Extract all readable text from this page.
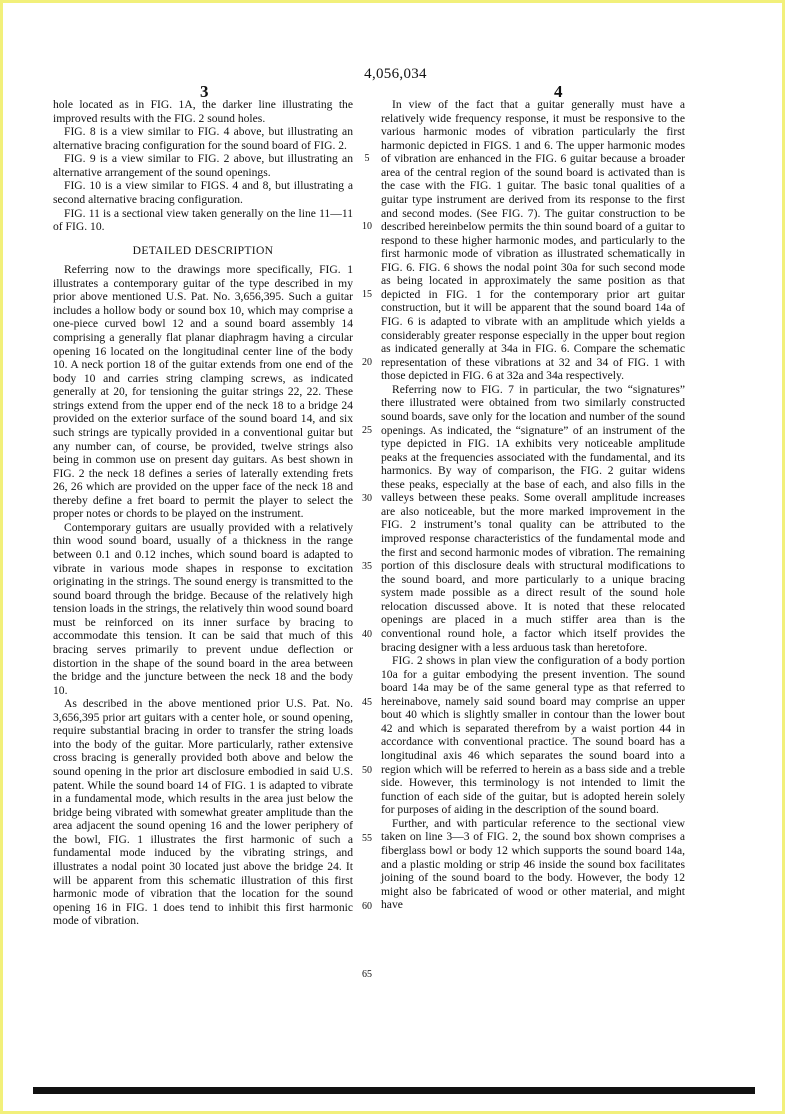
4,056,034
3	4

hole located as in FIG. 1A, the darker line illustrating the improved results with the FIG. 2 sound holes.

FIG. 8 is a view similar to FIG. 4 above, but illustrating an alternative bracing configuration for the sound board of FIG. 2.

FIG. 9 is a view similar to FIG. 2 above, but illustrating an alternative arrangement of the sound openings.

FIG. 10 is a view similar to FIGS. 4 and 8, but illustrating a second alternative bracing configuration.

FIG. 11 is a sectional view taken generally on the line 11—11 of FIG. 10.

DETAILED DESCRIPTION

Referring now to the drawings more specifically, FIG. 1 illustrates a contemporary guitar of the type described in my prior above mentioned U.S. Pat. No. 3,656,395. Such a guitar includes a hollow body or sound box 10, which may comprise a one-piece curved bowl 12 and a sound board assembly 14 comprising a generally flat planar diaphragm having a circular opening 16 located on the longitudinal center line of the body 10. A neck portion 18 of the guitar extends from one end of the body 10 and carries string clamping screws, as indicated generally at 20, for tensioning the guitar strings 22, 22. These strings extend from the upper end of the neck 18 to a bridge 24 provided on the exterior surface of the sound board 14, and six such strings are typically provided in a conventional guitar but any number can, of course, be provided, twelve strings also being in common use on present day guitars. As best shown in FIG. 2 the neck 18 defines a series of laterally extending frets 26, 26 which are provided on the upper face of the neck 18 and thereby define a fret board to permit the player to select the proper notes or chords to be played on the instrument.

Contemporary guitars are usually provided with a relatively thin wood sound board, usually of a thickness in the range between 0.1 and 0.12 inches, which sound board is adapted to vibrate in various mode shapes in response to excitation originating in the strings. The sound energy is transmitted to the sound board through the bridge. Because of the relatively high tension loads in the strings, the relatively thin wood sound board must be reinforced on its inner surface by bracing to accommodate this tension. It can be said that much of this bracing serves primarily to prevent undue deflection or distortion in the shape of the sound board in the area between the bridge and the juncture between the neck 18 and the body 10.

As described in the above mentioned prior U.S. Pat. No. 3,656,395 prior art guitars with a center hole, or sound opening, require substantial bracing in order to transfer the string loads into the body of the guitar. More particularly, rather extensive cross bracing is generally provided both above and below the sound opening in the prior art disclosure embodied in said U.S. patent. While the sound board 14 of FIG. 1 is adapted to vibrate in a fundamental mode, which results in the area just below the bridge being vibrated with somewhat greater amplitude than the area adjacent the sound opening 16 and the lower periphery of the bowl, FIG. 1 illustrates the first harmonic of such a fundamental mode induced by the vibrating strings, and illustrates a nodal point 30 located just above the bridge 24. It will be apparent from this schematic illustration of this first harmonic mode of vibration that the location for the sound opening 16 in FIG. 1 does tend to inhibit this first harmonic mode of vibration.

5
10
15
20
25
30
35
40
45
50
55
60
65

In view of the fact that a guitar generally must have a relatively wide frequency response, it must be responsive to the various harmonic modes of vibration particularly the first harmonic depicted in FIGS. 1 and 6. The upper harmonic modes of vibration are enhanced in the FIG. 6 guitar because a broader area of the central region of the sound board is activated than is the case with the FIG. 1 guitar. The basic tonal qualities of a guitar type instrument are derived from its response to the first and second modes. (See FIG. 7). The guitar construction to be described hereinbelow permits the thin sound board of a guitar to respond to these higher harmonic modes, and particularly to the first harmonic mode of vibration as illustrated schematically in FIG. 6. FIG. 6 shows the nodal point 30a for such second mode as being located in approximately the same position as that depicted in FIG. 1 for the contemporary prior art guitar construction, but it will be apparent that the sound board 14a of FIG. 6 is adapted to vibrate with an amplitude which yields a considerably greater response especially in the upper bout region as indicated generally at 34a in FIG. 6. Compare the schematic representation of these vibrations at 32 and 34 of FIG. 1 with those depicted in FIG. 6 at 32a and 34a respectively.

Referring now to FIG. 7 in particular, the two “signatures” there illustrated were obtained from two similarly constructed sound boards, save only for the location and number of the sound openings. As indicated, the “signature” of an instrument of the type depicted in FIG. 1A exhibits very noticeable amplitude peaks at the frequencies associated with the fundamental, and its harmonics. By way of comparison, the FIG. 2 guitar widens these peaks, especially at the base of each, and also fills in the valleys between these peaks. Some overall amplitude increases are also noticeable, but the more marked improvement in the FIG. 2 instrument’s tonal quality can be attributed to the improved response characteristics of the fundamental mode and the first and second harmonic modes of vibration. The remaining portion of this disclosure deals with structural modifications to the sound board, and more particularly to a unique bracing system made possible as a direct result of the sound hole relocation discussed above. It is noted that these relocated openings are placed in a much stiffer area than is the conventional round hole, a factor which itself provides the bracing designer with a less arduous task than heretofore.

FIG. 2 shows in plan view the configuration of a body portion 10a for a guitar embodying the present invention. The sound board 14a may be of the same general type as that referred to hereinabove, namely said sound board may comprise an upper bout 40 which is slightly smaller in contour than the lower bout 42 and which is separated therefrom by a waist portion 44 in accordance with conventional practice. The sound board has a longitudinal axis 46 which separates the sound board into a region which will be referred to herein as a bass side and a treble side. However, this terminology is not intended to limit the function of each side of the guitar, but is adopted herein solely for purposes of aiding in the description of the sound board.

Further, and with particular reference to the sectional view taken on line 3—3 of FIG. 2, the sound box shown comprises a fiberglass bowl or body 12 which supports the sound board 14a, and a plastic molding or strip 46 inside the sound box facilitates joining of the sound board to the body. However, the body 12 might also be fabricated of wood or other material, and might have
